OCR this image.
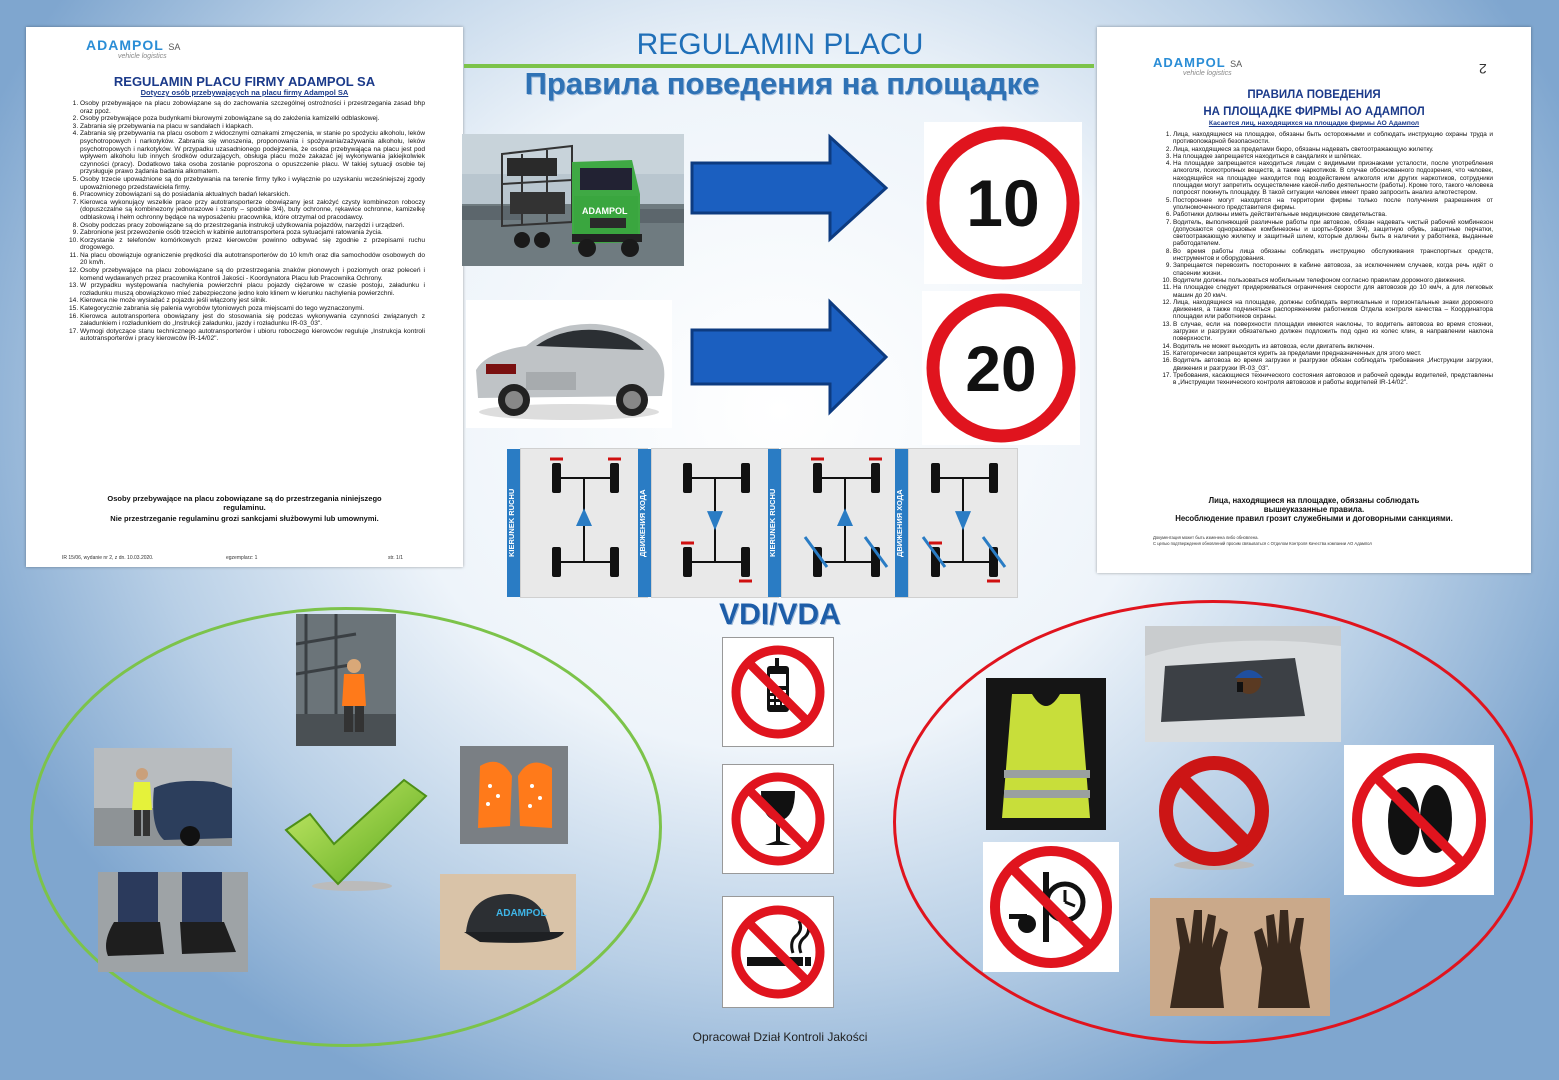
ADAMPOL SA
vehicle logistics
REGULAMIN PLACU FIRMY ADAMPOL SA
Dotyczy osób przebywających na placu firmy Adampol SA
1. Osoby przebywające na placu zobowiązane są do zachowania szczególnej ostrożności i przestrzegania zasad bhp oraz ppoż.
2. Osoby przebywające poza budynkami biurowymi zobowiązane są do założenia kamizelki odblaskowej.
3. Zabrania się przebywania na placu w sandałach i klapkach.
4. Zabrania się przebywania na placu osobom z widocznymi oznakami zmęczenia, w stanie po spożyciu alkoholu, leków psychotropowych i narkotyków. Zabrania się wnoszenia, proponowania i spożywania/zażywania alkoholu, leków psychotropowych i narkotyków. W przypadku uzasadnionego podejrzenia, że osoba przebywająca na placu jest pod wpływem alkoholu lub innych środków odurzających, obsługa placu może zakazać jej wykonywania jakiejkolwiek czynności (pracy). Dodatkowo taka osoba zostanie poproszona o opuszczenie placu. W takiej sytuacji osobie tej przysługuje prawo żądania badania alkomatem.
5. Osoby trzecie upoważnione są do przebywania na terenie firmy tylko i wyłącznie po uzyskaniu wcześniejszej zgody upoważnionego przedstawiciela firmy.
6. Pracownicy zobowiązani są do posiadania aktualnych badań lekarskich.
7. Kierowca wykonujący wszelkie prace przy autotransporterze obowiązany jest założyć czysty kombinezon roboczy (dopuszczalne są kombinezony jednorazowe i szorty – spodnie 3/4), buty ochronne, rękawice ochronne, kamizelkę odblaskową i hełm ochronny będące na wyposażeniu pracownika, które otrzymał od pracodawcy.
8. Osoby podczas pracy zobowiązane są do przestrzegania instrukcji użytkowania pojazdów, narzędzi i urządzeń.
9. Zabronione jest przewożenie osób trzecich w kabinie autotransportera poza sytuacjami ratowania życia.
10. Korzystanie z telefonów komórkowych przez kierowców powinno odbywać się zgodnie z przepisami ruchu drogowego.
11. Na placu obowiązuje ograniczenie prędkości dla autotransporterów do 10 km/h oraz dla samochodów osobowych do 20 km/h.
12. Osoby przebywające na placu zobowiązane są do przestrzegania znaków pionowych i poziomych oraz poleceń i komend wydawanych przez pracownika Kontroli Jakości - Koordynatora Placu lub Pracownika Ochrony.
13. W przypadku występowania nachylenia powierzchni placu pojazdy ciężarowe w czasie postoju, załadunku i rozładunku muszą obowiązkowo mieć zabezpieczone jedno koło klinem w kierunku nachylenia powierzchni.
14. Kierowca nie może wysiadać z pojazdu jeśli włączony jest silnik.
15. Kategorycznie zabrania się palenia wyrobów tytoniowych poza miejscami do tego wyznaczonymi.
16. Kierowca autotransportera obowiązany jest do stosowania się podczas wykonywania czynności związanych z załadunkiem i rozładunkiem do „Instrukcji załadunku, jazdy i rozładunku IR-03_03".
17. Wymogi dotyczące stanu technicznego autotransporterów i ubioru roboczego kierowców reguluje „Instrukcja kontroli autotransporterów i pracy kierowców IR-14/02".
Osoby przebywające na placu zobowiązane są do przestrzegania niniejszego regulaminu.
Nie przestrzeganie regulaminu grozi sankcjami służbowymi lub umownymi.
IR 15/06, wydanie nr 2, z dn. 10.03.2020.	egzemplarz: 1	str. 1/1
ADAMPOL SA
vehicle logistics	2
ПРАВИЛА ПОВЕДЕНИЯ
НА ПЛОЩАДКЕ ФИРМЫ АО АДАМПОЛ
Касается лиц, находящихся на площадке фирмы АО Адампол
1. Лица, находящиеся на площадке, обязаны быть осторожными и соблюдать инструкцию охраны труда и противопожарной безопасности.
2. Лица, находящиеся за пределами бюро, обязаны надевать светоотражающую жилетку.
3. На площадке запрещается находиться в сандалиях и шлёпках.
4. На площадке запрещается находиться лицам с видимыми признаками усталости, после употребления алкоголя, психотропных веществ, а также наркотиков. В случае обоснованного подозрения, что человек, находящийся на площадке находится под воздействием алкоголя или других наркотиков, сотрудники площадки могут запретить осуществление какой-либо деятельности (работы). Кроме того, такого человека попросят покинуть площадку. В такой ситуации человек имеет право запросить анализ алкотестером.
5. Посторонние могут находится на территории фирмы только после получения разрешения от уполномоченного представителя фирмы.
6. Работники должны иметь действительные медицинские свидетельства.
7. Водитель, выполняющий различные работы при автовозе, обязан надевать чистый рабочий комбинезон (допускаются одноразовые комбинезоны и шорты-брюки 3/4), защитную обувь, защитные перчатки, светоотражающую жилетку и защитный шлем, которые должны быть в наличии у работника, выданные работодателем.
8. Во время работы лица обязаны соблюдать инструкцию обслуживания транспортных средств, инструментов и оборудования.
9. Запрещается перевозить посторонних в кабине автовоза, за исключением случаев, когда речь идёт о спасении жизни.
10. Водители должны пользоваться мобильным телефоном согласно правилам дорожного движения.
11. На площадке следует придерживаться ограничения скорости для автовозов до 10 км/ч, а для легковых машин до 20 км/ч.
12. Лица, находящиеся на площадке, должны соблюдать вертикальные и горизонтальные знаки дорожного движения, а также подчиняться распоряжениям работников Отдела контроля качества – Координатора площадки или работников охраны.
13. В случае, если на поверхности площадки имеются наклоны, то водитель автовоза во время стоянки, загрузки и разгрузки обязательно должен подложить под одно из колес клин, в направлении наклона поверхности.
14. Водитель не может выходить из автовоза, если двигатель включен.
15. Категорически запрещается курить за пределами предназначенных для этого мест.
16. Водитель автовоза во время загрузки и разгрузки обязан соблюдать требования „Инструкции загрузки, движения и разгрузки IR-03_03".
17. Требования, касающиеся технического состояния автовозов и рабочей одежды водителей, представлены в „Инструкции технического контроля автовозов и работы водителей IR-14/02".
Лица, находящиеся на площадке, обязаны соблюдать вышеуказанные правила.
Несоблюдение правил грозит служебными и договорными санкциями.
Документация может быть изменена либо обновлена.
С целью подтверждения обновлений просим связываться с Отделом Контроля Качества компании АО Адампол
REGULAMIN PLACU
Правила поведения на площадке
ADAMPOL	10
20
KIERUNEK RUCHU	ДВИЖЕНИЯ ХОДА	KIERUNEK RUCHU	ДВИЖЕНИЯ ХОДА
VDI/VDA
ADAMPOL
Opracował Dział Kontroli Jakości
